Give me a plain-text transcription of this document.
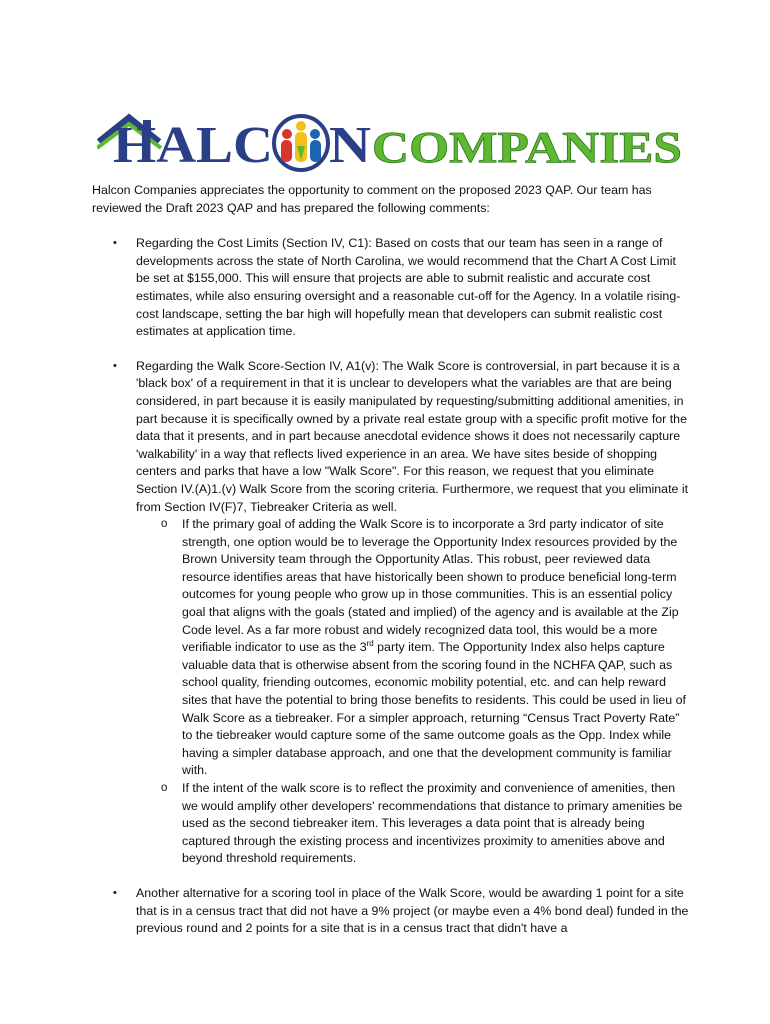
HALC N COMPANIES

Halcon Companies appreciates the opportunity to comment on the proposed 2023 QAP. Our team has reviewed the Draft 2023 QAP and has prepared the following comments:

• Regarding the Cost Limits (Section IV, C1): Based on costs that our team has seen in a range of developments across the state of North Carolina, we would recommend that the Chart A Cost Limit be set at $155,000. This will ensure that projects are able to submit realistic and accurate cost estimates, while also ensuring oversight and a reasonable cut-off for the Agency. In a volatile rising-cost landscape, setting the bar high will hopefully mean that developers can submit realistic cost estimates at application time.

• Regarding the Walk Score-Section IV, A1(v): The Walk Score is controversial, in part because it is a 'black box' of a requirement in that it is unclear to developers what the variables are that are being considered, in part because it is easily manipulated by requesting/submitting additional amenities, in part because it is specifically owned by a private real estate group with a specific profit motive for the data that it presents, and in part because anecdotal evidence shows it does not necessarily capture 'walkability' in a way that reflects lived experience in an area. We have sites beside of shopping centers and parks that have a low "Walk Score". For this reason, we request that you eliminate Section IV.(A)1.(v) Walk Score from the scoring criteria. Furthermore, we request that you eliminate it from Section IV(F)7, Tiebreaker Criteria as well.

o If the primary goal of adding the Walk Score is to incorporate a 3rd party indicator of site strength, one option would be to leverage the Opportunity Index resources provided by the Brown University team through the Opportunity Atlas. This robust, peer reviewed data resource identifies areas that have historically been shown to produce beneficial long-term outcomes for young people who grow up in those communities. This is an essential policy goal that aligns with the goals (stated and implied) of the agency and is available at the Zip Code level. As a far more robust and widely recognized data tool, this would be a more verifiable indicator to use as the 3rd party item. The Opportunity Index also helps capture valuable data that is otherwise absent from the scoring found in the NCHFA QAP, such as school quality, friending outcomes, economic mobility potential, etc. and can help reward sites that have the potential to bring those benefits to residents. This could be used in lieu of Walk Score as a tiebreaker. For a simpler approach, returning “Census Tract Poverty Rate” to the tiebreaker would capture some of the same outcome goals as the Opp. Index while having a simpler database approach, and one that the development community is familiar with.

o If the intent of the walk score is to reflect the proximity and convenience of amenities, then we would amplify other developers' recommendations that distance to primary amenities be used as the second tiebreaker item. This leverages a data point that is already being captured through the existing process and incentivizes proximity to amenities above and beyond threshold requirements.

• Another alternative for a scoring tool in place of the Walk Score, would be awarding 1 point for a site that is in a census tract that did not have a 9% project (or maybe even a 4% bond deal) funded in the previous round and 2 points for a site that is in a census tract that didn't have a
